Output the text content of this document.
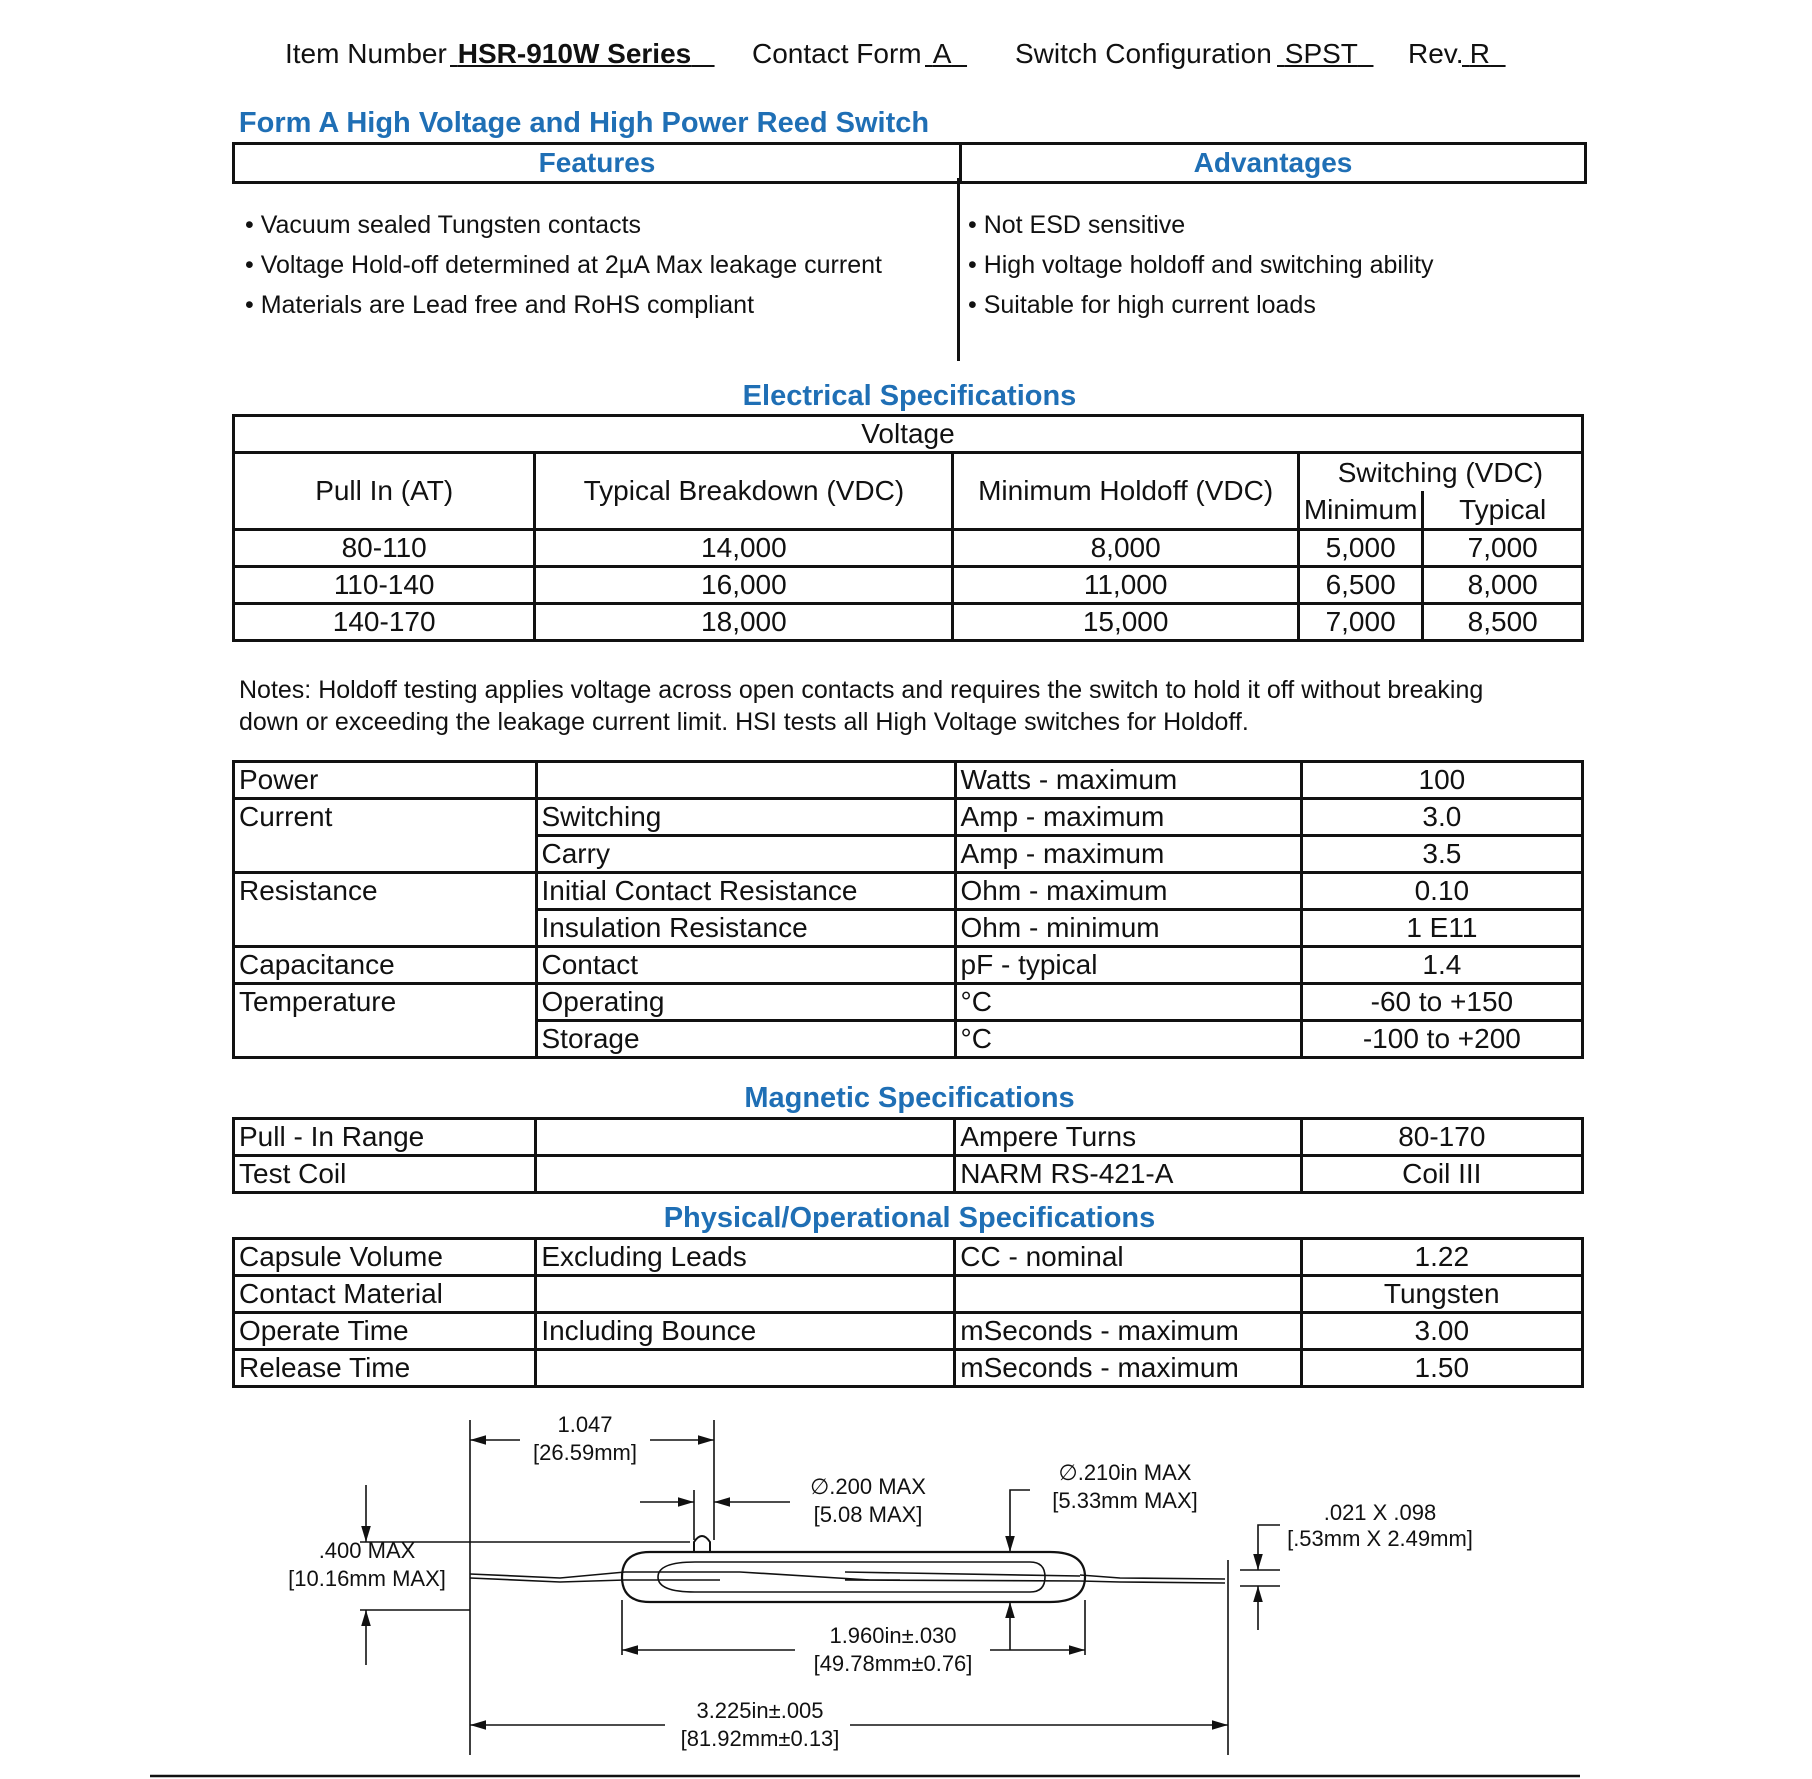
Item Number HSR-910W Series	Contact Form A	Switch Configuration SPST	Rev. R
Form A High Voltage and High Power Reed Switch
Features	Advantages
• Vacuum sealed Tungsten contacts
• Voltage Hold-off determined at 2µA Max leakage current
• Materials are Lead free and RoHS compliant
• Not ESD sensitive
• High voltage holdoff and switching ability
• Suitable for high current loads
Electrical Specifications
Voltage				
Pull In (AT)	Typical Breakdown (VDC)	Minimum Holdoff (VDC)	Switching (VDC)	
			Minimum	Typical
80-110	14,000	8,000	5,000	7,000
110-140	16,000	11,000	6,500	8,000
140-170	18,000	15,000	7,000	8,500
Notes: Holdoff testing applies voltage across open contacts and requires the switch to hold it off without breaking
down or exceeding the leakage current limit. HSI tests all High Voltage switches for Holdoff.
Power		Watts - maximum	100
Current	Switching	Amp - maximum	3.0
	Carry	Amp - maximum	3.5
Resistance	Initial Contact Resistance	Ohm - maximum	0.10
	Insulation Resistance	Ohm - minimum	1 E11
Capacitance	Contact	pF - typical	1.4
Temperature	Operating	°C	-60 to +150
	Storage	°C	-100 to +200
Magnetic Specifications
Pull - In Range		Ampere Turns	80-170
Test Coil		NARM RS-421-A	Coil III
Physical/Operational Specifications
Capsule Volume	Excluding Leads	CC - nominal	1.22
Contact Material			Tungsten
Operate Time	Including Bounce	mSeconds - maximum	3.00
Release Time		mSeconds - maximum	1.50
1.047
[26.59mm]
∅.200 MAX
[5.08 MAX]
∅.210in MAX
[5.33mm MAX]	.021 X .098
[.53mm X 2.49mm]
.400 MAX
[10.16mm MAX]
1.960in±.030
[49.78mm±0.76]
3.225in±.005
[81.92mm±0.13]
